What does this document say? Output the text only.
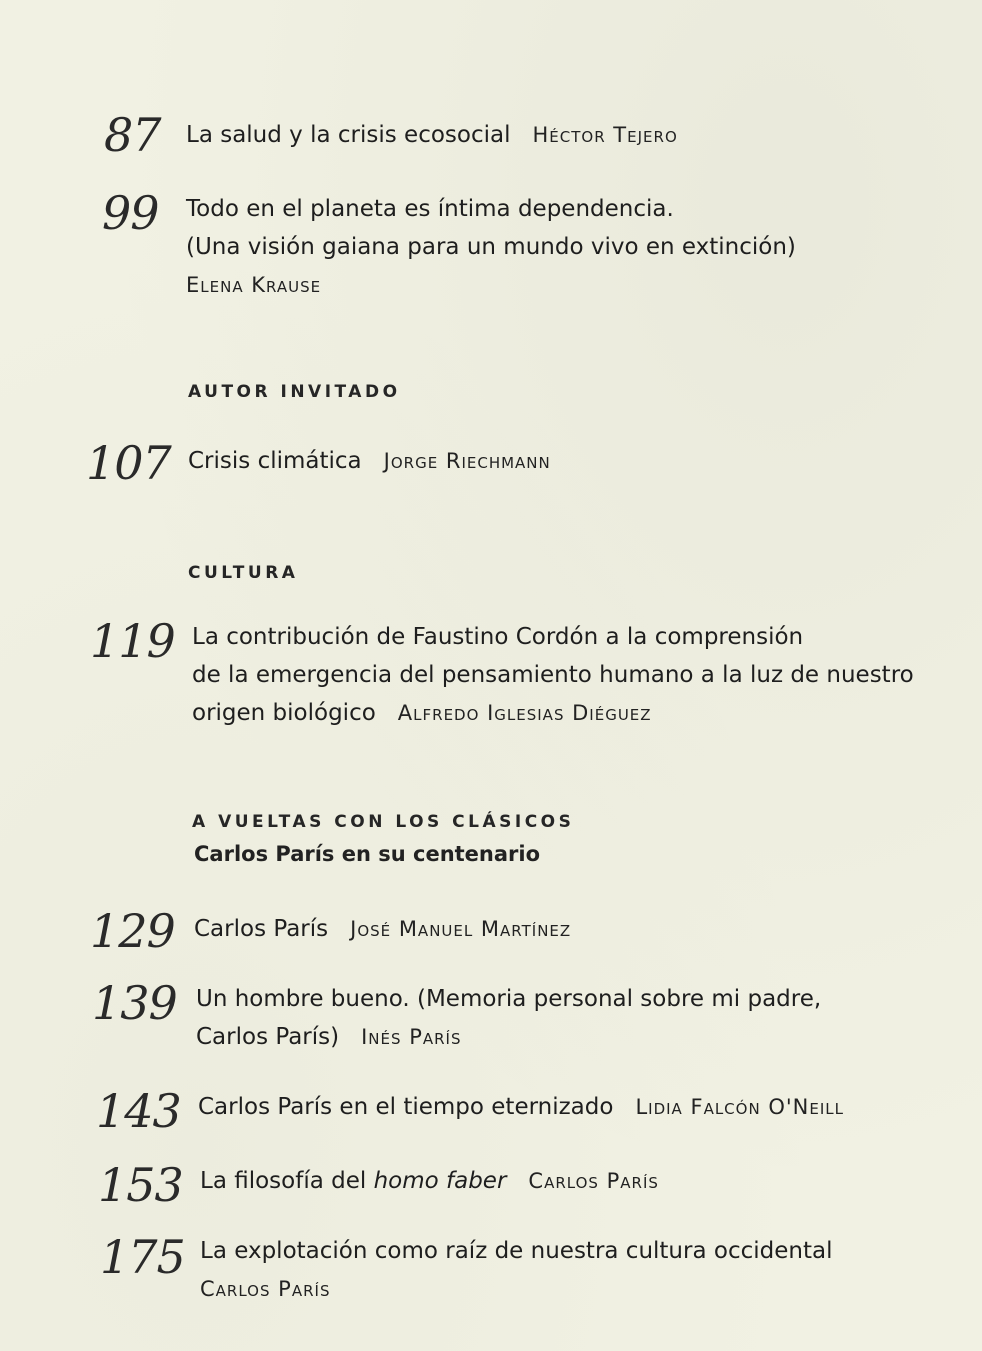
87 La salud y la crisis ecosocial Héctor Tejero
99 Todo en el planeta es íntima dependencia.
(Una visión gaiana para un mundo vivo en extinción)
Elena Krause
AUTOR INVITADO
107 Crisis climática Jorge Riechmann
CULTURA
119 La contribución de Faustino Cordón a la comprensión
de la emergencia del pensamiento humano a la luz de nuestro
origen biológico Alfredo Iglesias Diéguez
A VUELTAS CON LOS CLÁSICOS
Carlos París en su centenario
129 Carlos París José Manuel Martínez
139 Un hombre bueno. (Memoria personal sobre mi padre,
Carlos París) Inés París
143 Carlos París en el tiempo eternizado Lidia Falcón O'Neill
153 La filosofía del homo faber Carlos París
175 La explotación como raíz de nuestra cultura occidental
Carlos París
